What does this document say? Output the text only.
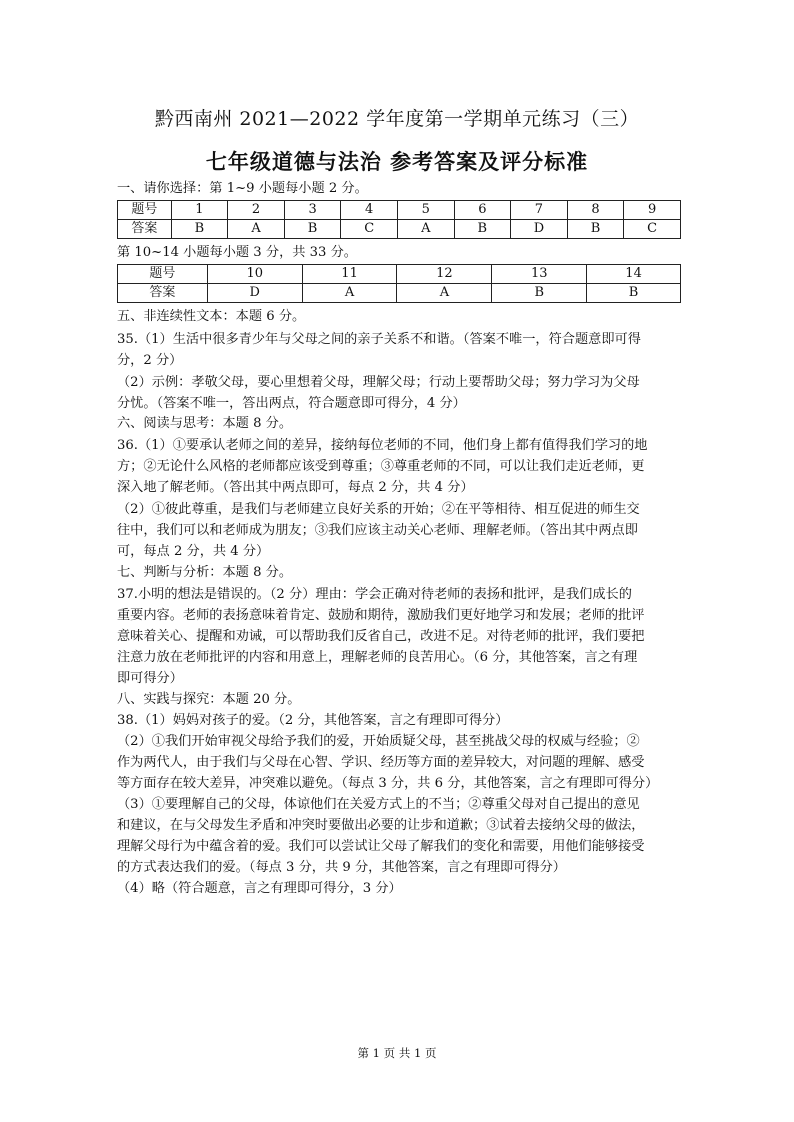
黔西南州 2021—2022 学年度第一学期单元练习（三）
七年级道德与法治 参考答案及评分标准
一、请你选择：第 1~9 小题每小题 2 分。
题号	1	2	3	4	5	6	7	8	9
答案	B	A	B	C	A	B	D	B	C
第 10~14 小题每小题 3 分，共 33 分。
题号	10	11	12	13	14
答案	D	A	A	B	B
五、非连续性文本：本题 6 分。
35.（1）生活中很多青少年与父母之间的亲子关系不和谐。（答案不唯一，符合题意即可得
分，2 分）
（2）示例：孝敬父母，要心里想着父母，理解父母；行动上要帮助父母；努力学习为父母
分忧。（答案不唯一，答出两点，符合题意即可得分，4 分）
六、阅读与思考：本题 8 分。
36.（1）①要承认老师之间的差异，接纳每位老师的不同，他们身上都有值得我们学习的地
方；②无论什么风格的老师都应该受到尊重；③尊重老师的不同，可以让我们走近老师，更
深入地了解老师。（答出其中两点即可，每点 2 分，共 4 分）
（2）①彼此尊重，是我们与老师建立良好关系的开始；②在平等相待、相互促进的师生交
往中，我们可以和老师成为朋友；③我们应该主动关心老师、理解老师。（答出其中两点即
可，每点 2 分，共 4 分）
七、判断与分析：本题 8 分。
37.小明的想法是错误的。（2 分）理由：学会正确对待老师的表扬和批评，是我们成长的
重要内容。老师的表扬意味着肯定、鼓励和期待，激励我们更好地学习和发展；老师的批评
意味着关心、提醒和劝诫，可以帮助我们反省自己，改进不足。对待老师的批评，我们要把
注意力放在老师批评的内容和用意上，理解老师的良苦用心。（6 分，其他答案，言之有理
即可得分）
八、实践与探究：本题 20 分。
38.（1）妈妈对孩子的爱。（2 分，其他答案，言之有理即可得分）
（2）①我们开始审视父母给予我们的爱，开始质疑父母，甚至挑战父母的权威与经验；②
作为两代人，由于我们与父母在心智、学识、经历等方面的差异较大，对问题的理解、感受
等方面存在较大差异，冲突难以避免。（每点 3 分，共 6 分，其他答案，言之有理即可得分）
（3）①要理解自己的父母，体谅他们在关爱方式上的不当；②尊重父母对自己提出的意见
和建议，在与父母发生矛盾和冲突时要做出必要的让步和道歉；③试着去接纳父母的做法，
理解父母行为中蕴含着的爱。我们可以尝试让父母了解我们的变化和需要，用他们能够接受
的方式表达我们的爱。（每点 3 分，共 9 分，其他答案，言之有理即可得分）
（4）略（符合题意，言之有理即可得分，3 分）
第 1 页 共 1 页
